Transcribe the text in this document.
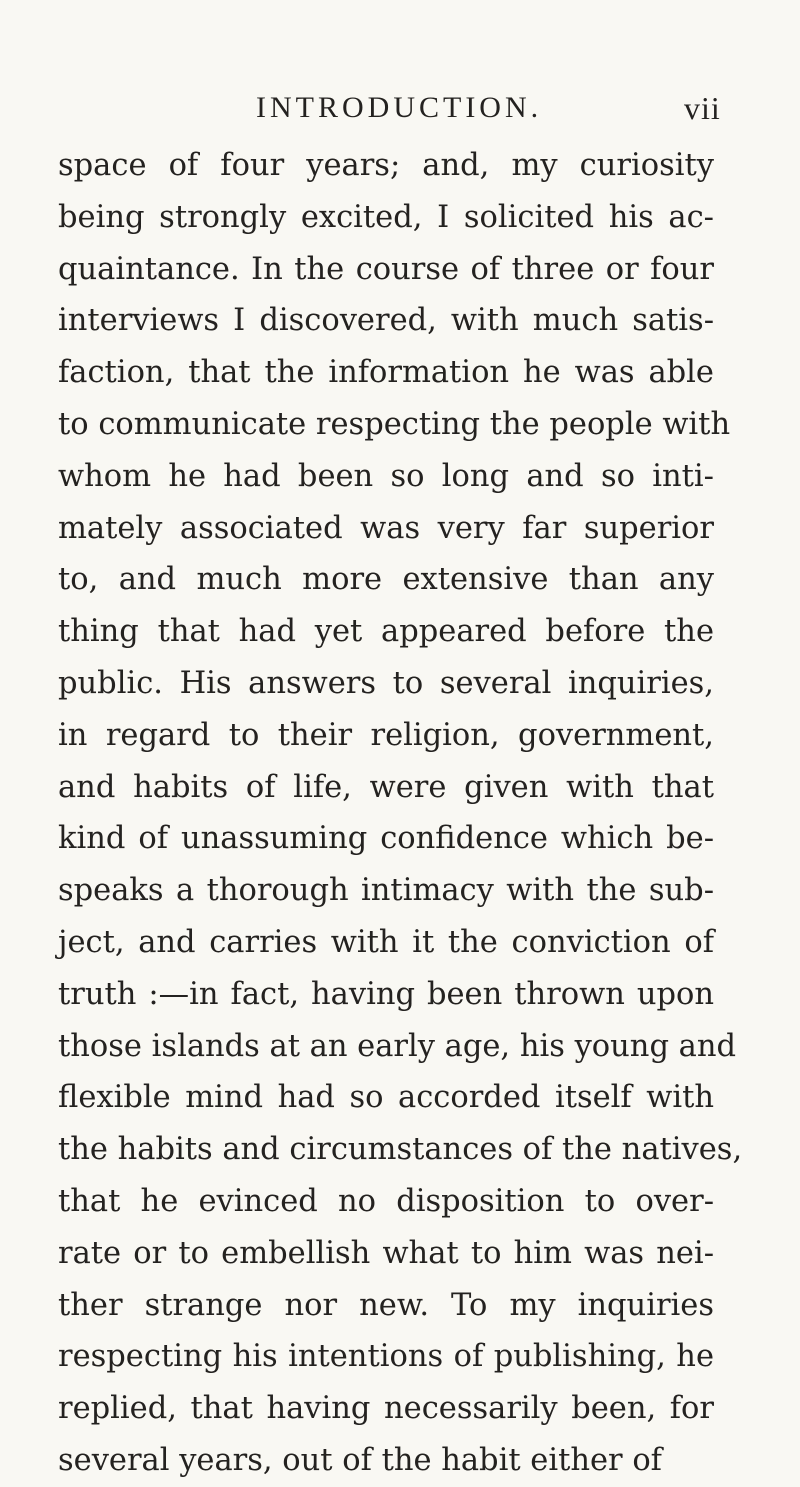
INTRODUCTION.	vii
space of four years; and, my curiosity
being strongly excited, I solicited his ac-
quaintance. In the course of three or four
interviews I discovered, with much satis-
faction, that the information he was able
to communicate respecting the people with
whom he had been so long and so inti-
mately associated was very far superior
to, and much more extensive than any
thing that had yet appeared before the
public. His answers to several inquiries,
in regard to their religion, government,
and habits of life, were given with that
kind of unassuming confidence which be-
speaks a thorough intimacy with the sub-
ject, and carries with it the conviction of
truth :—in fact, having been thrown upon
those islands at an early age, his young and
flexible mind had so accorded itself with
the habits and circumstances of the natives,
that he evinced no disposition to over-
rate or to embellish what to him was nei-
ther strange nor new. To my inquiries
respecting his intentions of publishing, he
replied, that having necessarily been, for
several years, out of the habit either of
